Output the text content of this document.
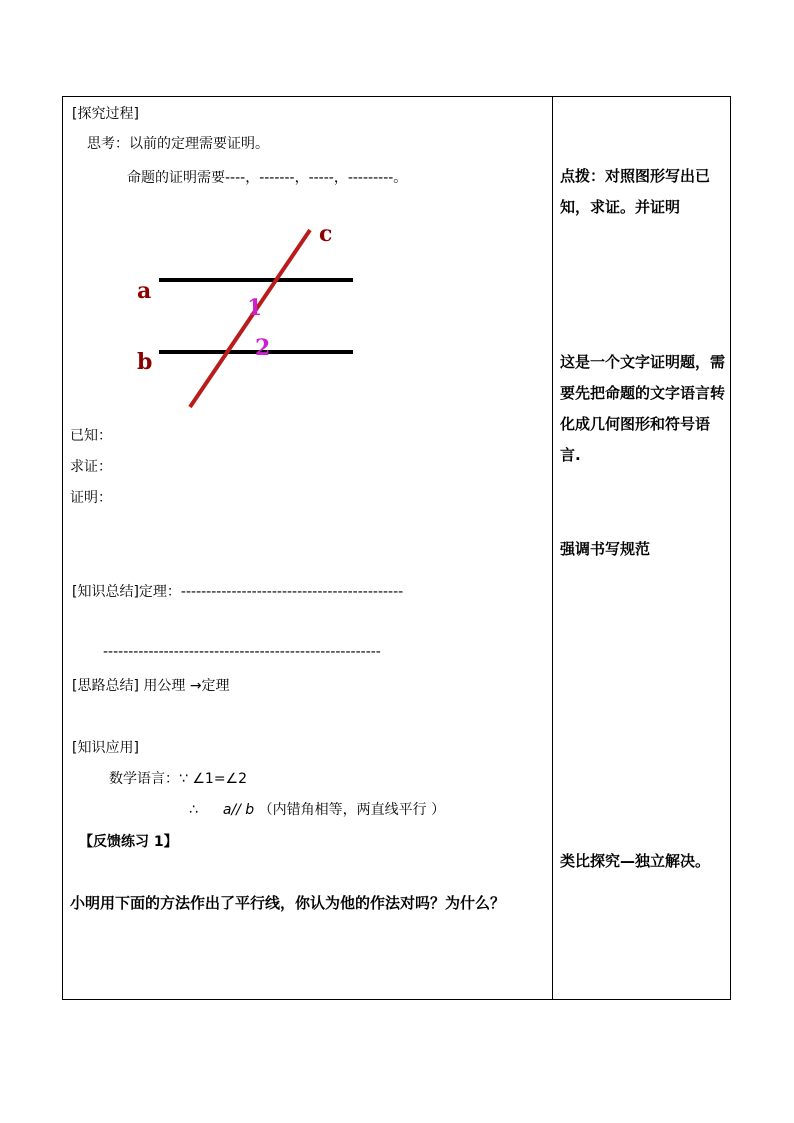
[探究过程]
思考：以前的定理需要证明。
命题的证明需要----，-------，-----，---------。
a
b
c
1
2
已知：
求证：
证明：
[知识总结]定理：--------------------------------------------
-------------------------------------------------------
[思路总结] 用公理 →定理
[知识应用]
数学语言：∵ ∠1=∠2
∴ a// b （内错角相等，两直线平行 ）
【反馈练习 1】
小明用下面的方法作出了平行线，你认为他的作法对吗？为什么？
点拨：对照图形写出已知，求证。并证明
这是一个文字证明题，需要先把命题的文字语言转化成几何图形和符号语言.
强调书写规范
类比探究—独立解决。
